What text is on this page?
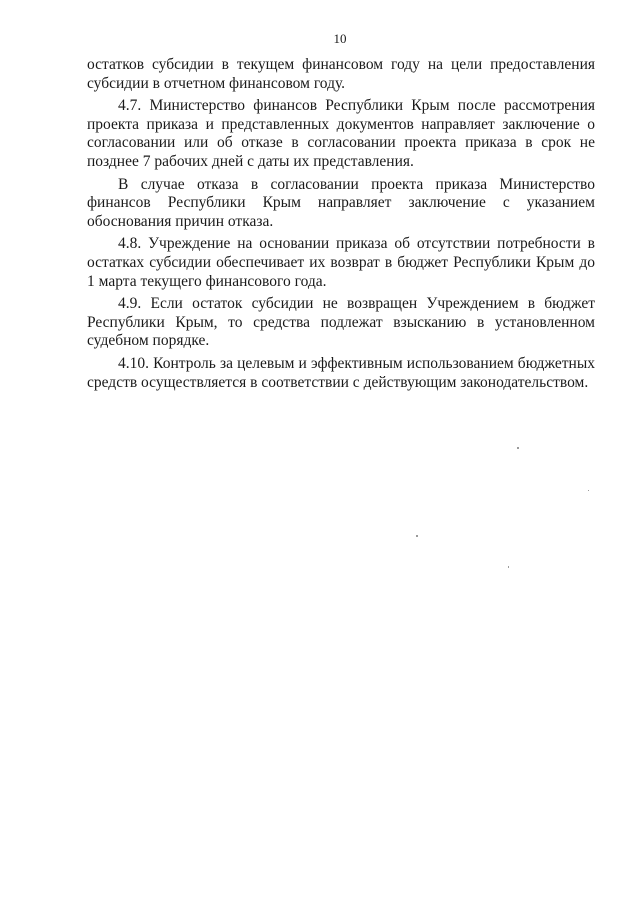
10

остатков субсидии в текущем финансовом году на цели предоставления субсидии в отчетном финансовом году.

4.7. Министерство финансов Республики Крым после рассмотрения проекта приказа и представленных документов направляет заключение о согласовании или об отказе в согласовании проекта приказа в срок не позднее 7 рабочих дней с даты их представления.

В случае отказа в согласовании проекта приказа Министерство финансов Республики Крым направляет заключение с указанием обоснования причин отказа.

4.8. Учреждение на основании приказа об отсутствии потребности в остатках субсидии обеспечивает их возврат в бюджет Республики Крым до 1 марта текущего финансового года.

4.9. Если остаток субсидии не возвращен Учреждением в бюджет Республики Крым, то средства подлежат взысканию в установленном судебном порядке.

4.10. Контроль за целевым и эффективным использованием бюджетных средств осуществляется в соответствии с действующим законодательством.
